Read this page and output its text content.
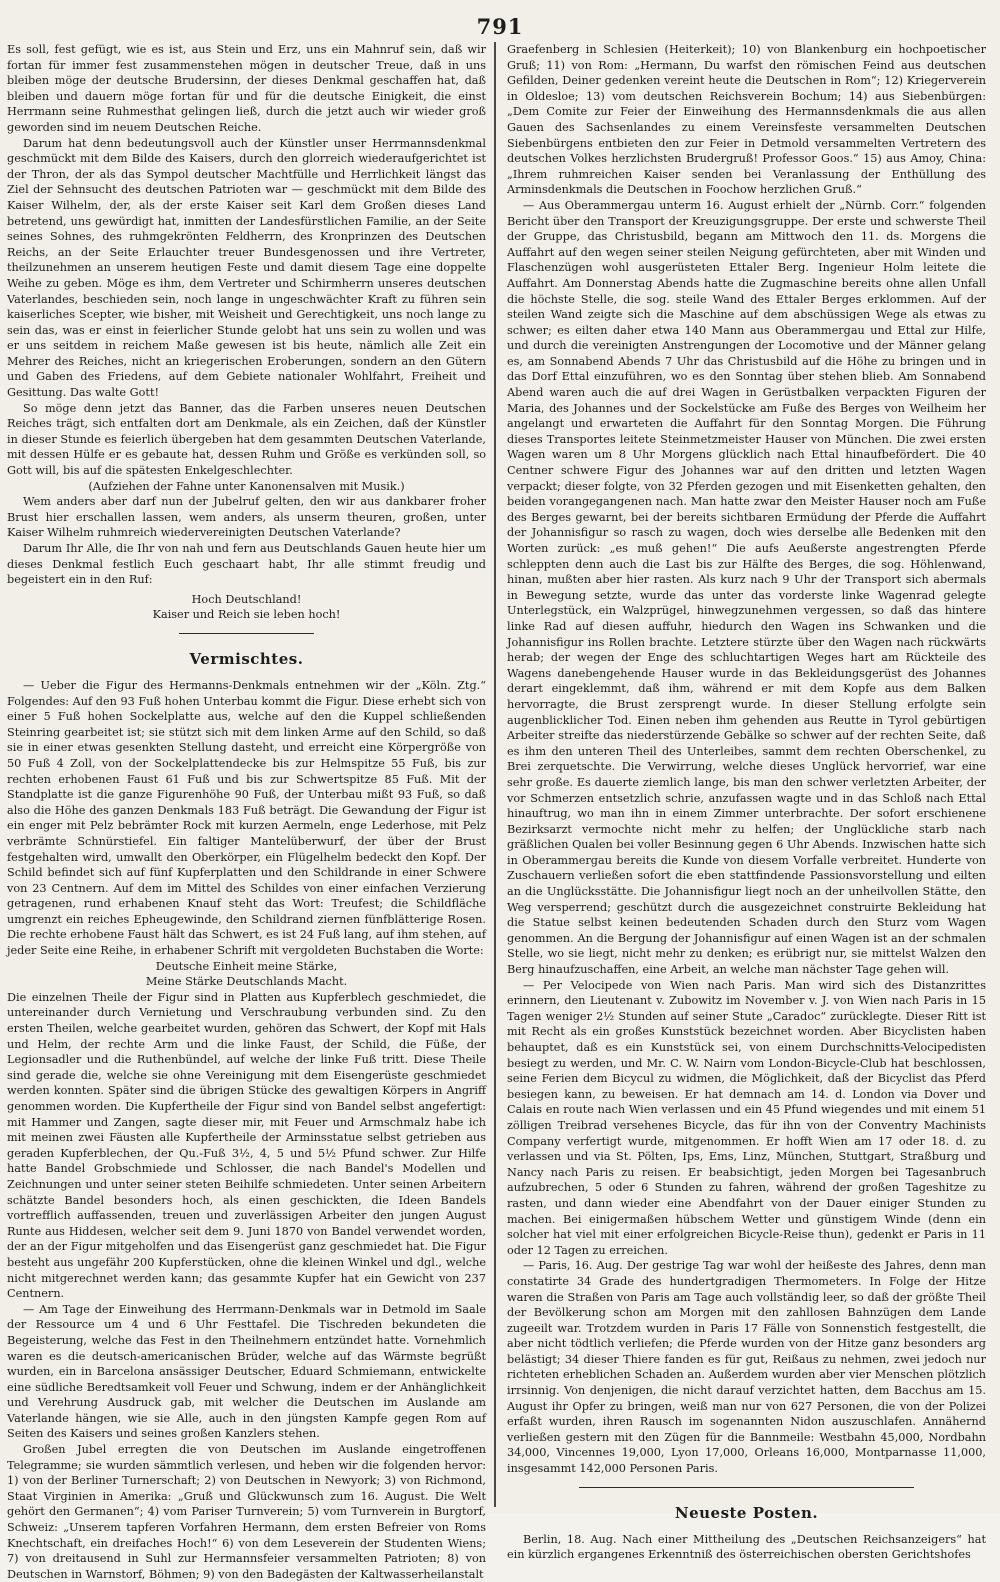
791

Es soll, fest gefügt, wie es ist, aus Stein und Erz, uns ein Mahnruf sein, daß wir fortan für immer fest zusammenstehen mögen in deutscher Treue, daß in uns bleiben möge der deutsche Brudersinn, der dieses Denkmal geschaffen hat, daß bleiben und dauern möge fortan für und für die deutsche Einigkeit, die einst Herrmann seine Ruhmesthat gelingen ließ, durch die jetzt auch wir wieder groß geworden sind im neuem Deutschen Reiche.

Darum hat denn bedeutungsvoll auch der Künstler unser Herrmannsdenkmal geschmückt mit dem Bilde des Kaisers, durch den glorreich wiederaufgerichtet ist der Thron, der als das Sympol deutscher Machtfülle und Herrlichkeit längst das Ziel der Sehnsucht des deutschen Patrioten war — geschmückt mit dem Bilde des Kaiser Wilhelm, der, als der erste Kaiser seit Karl dem Großen dieses Land betretend, uns gewürdigt hat, inmitten der Landesfürstlichen Familie, an der Seite seines Sohnes, des ruhmgekrönten Feldherrn, des Kronprinzen des Deutschen Reichs, an der Seite Erlauchter treuer Bundesgenossen und ihre Vertreter, theilzunehmen an unserem heutigen Feste und damit diesem Tage eine doppelte Weihe zu geben. Möge es ihm, dem Vertreter und Schirmherrn unseres deutschen Vaterlandes, beschieden sein, noch lange in ungeschwächter Kraft zu führen sein kaiserliches Scepter, wie bisher, mit Weisheit und Gerechtigkeit, uns noch lange zu sein das, was er einst in feierlicher Stunde gelobt hat uns sein zu wollen und was er uns seitdem in reichem Maße gewesen ist bis heute, nämlich alle Zeit ein Mehrer des Reiches, nicht an kriegerischen Eroberungen, sondern an den Gütern und Gaben des Friedens, auf dem Gebiete nationaler Wohlfahrt, Freiheit und Gesittung. Das walte Gott!

So möge denn jetzt das Banner, das die Farben unseres neuen Deutschen Reiches trägt, sich entfalten dort am Denkmale, als ein Zeichen, daß der Künstler in dieser Stunde es feierlich übergeben hat dem gesammten Deutschen Vaterlande, mit dessen Hülfe er es gebaute hat, dessen Ruhm und Größe es verkünden soll, so Gott will, bis auf die spätesten Enkelgeschlechter.

(Aufziehen der Fahne unter Kanonensalven mit Musik.)

Wem anders aber darf nun der Jubelruf gelten, den wir aus dankbarer froher Brust hier erschallen lassen, wem anders, als unserm theuren, großen, unter Kaiser Wilhelm ruhmreich wiedervereinigten Deutschen Vaterlande?

Darum Ihr Alle, die Ihr von nah und fern aus Deutschlands Gauen heute hier um dieses Denkmal festlich Euch geschaart habt, Ihr alle stimmt freudig und begeistert ein in den Ruf:

Hoch Deutschland!

Kaiser und Reich sie leben hoch!

Vermischtes.

— Ueber die Figur des Hermanns-Denkmals entnehmen wir der „Köln. Ztg.“ Folgendes: Auf den 93 Fuß hohen Unterbau kommt die Figur. Diese erhebt sich von einer 5 Fuß hohen Sockelplatte aus, welche auf den die Kuppel schließenden Steinring gearbeitet ist; sie stützt sich mit dem linken Arme auf den Schild, so daß sie in einer etwas gesenkten Stellung dasteht, und erreicht eine Körpergröße von 50 Fuß 4 Zoll, von der Sockelplattendecke bis zur Helmspitze 55 Fuß, bis zur rechten erhobenen Faust 61 Fuß und bis zur Schwertspitze 85 Fuß. Mit der Standplatte ist die ganze Figurenhöhe 90 Fuß, der Unterbau mißt 93 Fuß, so daß also die Höhe des ganzen Denkmals 183 Fuß beträgt. Die Gewandung der Figur ist ein enger mit Pelz bebrämter Rock mit kurzen Aermeln, enge Lederhose, mit Pelz verbrämte Schnürstiefel. Ein faltiger Mantelüberwurf, der über der Brust festgehalten wird, umwallt den Oberkörper, ein Flügelhelm bedeckt den Kopf. Der Schild befindet sich auf fünf Kupferplatten und den Schildrande in einer Schwere von 23 Centnern. Auf dem im Mittel des Schildes von einer einfachen Verzierung getragenen, rund erhabenen Knauf steht das Wort: Treufest; die Schildfläche umgrenzt ein reiches Epheugewinde, den Schildrand ziernen fünfblätterige Rosen. Die rechte erhobene Faust hält das Schwert, es ist 24 Fuß lang, auf ihm stehen, auf jeder Seite eine Reihe, in erhabener Schrift mit vergoldeten Buchstaben die Worte:

Deutsche Einheit meine Stärke,

Meine Stärke Deutschlands Macht.

Die einzelnen Theile der Figur sind in Platten aus Kupferblech geschmiedet, die untereinander durch Vernietung und Verschraubung verbunden sind. Zu den ersten Theilen, welche gearbeitet wurden, gehören das Schwert, der Kopf mit Hals und Helm, der rechte Arm und die linke Faust, der Schild, die Füße, der Legionsadler und die Ruthenbündel, auf welche der linke Fuß tritt. Diese Theile sind gerade die, welche sie ohne Vereinigung mit dem Eisengerüste geschmiedet werden konnten. Später sind die übrigen Stücke des gewaltigen Körpers in Angriff genommen worden. Die Kupfertheile der Figur sind von Bandel selbst angefertigt: mit Hammer und Zangen, sagte dieser mir, mit Feuer und Armschmalz habe ich mit meinen zwei Fäusten alle Kupfertheile der Arminsstatue selbst getrieben aus geraden Kupferblechen, der Qu.-Fuß 3½, 4, 5 und 5½ Pfund schwer. Zur Hilfe hatte Bandel Grobschmiede und Schlosser, die nach Bandel's Modellen und Zeichnungen und unter seiner steten Beihilfe schmiedeten. Unter seinen Arbeitern schätzte Bandel besonders hoch, als einen geschickten, die Ideen Bandels vortrefflich auffassenden, treuen und zuverlässigen Arbeiter den jungen August Runte aus Hiddesen, welcher seit dem 9. Juni 1870 von Bandel verwendet worden, der an der Figur mitgeholfen und das Eisengerüst ganz geschmiedet hat. Die Figur besteht aus ungefähr 200 Kupferstücken, ohne die kleinen Winkel und dgl., welche nicht mitgerechnet werden kann; das gesammte Kupfer hat ein Gewicht von 237 Centnern.

— Am Tage der Einweihung des Herrmann-Denkmals war in Detmold im Saale der Ressource um 4 und 6 Uhr Festtafel. Die Tischreden bekundeten die Begeisterung, welche das Fest in den Theilnehmern entzündet hatte. Vornehmlich waren es die deutsch-americanischen Brüder, welche auf das Wärmste begrüßt wurden, ein in Barcelona ansässiger Deutscher, Eduard Schmiemann, entwickelte eine südliche Beredtsamkeit voll Feuer und Schwung, indem er der Anhänglichkeit und Verehrung Ausdruck gab, mit welcher die Deutschen im Auslande am Vaterlande hängen, wie sie Alle, auch in den jüngsten Kampfe gegen Rom auf Seiten des Kaisers und seines großen Kanzlers stehen.

Großen Jubel erregten die von Deutschen im Auslande eingetroffenen Telegramme; sie wurden sämmtlich verlesen, und heben wir die folgenden hervor: 1) von der Berliner Turnerschaft; 2) von Deutschen in Newyork; 3) von Richmond, Staat Virginien in Amerika: „Gruß und Glückwunsch zum 16. August. Die Welt gehört den Germanen“; 4) vom Pariser Turnverein; 5) vom Turnverein in Burgtorf, Schweiz: „Unserem tapferen Vorfahren Hermann, dem ersten Befreier von Roms Knechtschaft, ein dreifaches Hoch!“ 6) von dem Leseverein der Studenten Wiens; 7) von dreitausend in Suhl zur Hermannsfeier versammelten Patrioten; 8) von Deutschen in Warnstorf, Böhmen; 9) von den Badegästen der Kaltwasserheilanstalt

Graefenberg in Schlesien (Heiterkeit); 10) von Blankenburg ein hochpoetischer Gruß; 11) von Rom: „Hermann, Du warfst den römischen Feind aus deutschen Gefilden, Deiner gedenken vereint heute die Deutschen in Rom“; 12) Kriegerverein in Oldesloe; 13) vom deutschen Reichsverein Bochum; 14) aus Siebenbürgen: „Dem Comite zur Feier der Einweihung des Hermannsdenkmals die aus allen Gauen des Sachsenlandes zu einem Vereinsfeste versammelten Deutschen Siebenbürgens entbieten den zur Feier in Detmold versammelten Vertretern des deutschen Volkes herzlichsten Brudergruß! Professor Goos.“ 15) aus Amoy, China: „Ihrem ruhmreichen Kaiser senden bei Veranlassung der Enthüllung des Arminsdenkmals die Deutschen in Foochow herzlichen Gruß.“

— Aus Oberammergau unterm 16. August erhielt der „Nürnb. Corr.“ folgenden Bericht über den Transport der Kreuzigungsgruppe. Der erste und schwerste Theil der Gruppe, das Christusbild, begann am Mittwoch den 11. ds. Morgens die Auffahrt auf den wegen seiner steilen Neigung gefürchteten, aber mit Winden und Flaschenzügen wohl ausgerüsteten Ettaler Berg. Ingenieur Holm leitete die Auffahrt. Am Donnerstag Abends hatte die Zugmaschine bereits ohne allen Unfall die höchste Stelle, die sog. steile Wand des Ettaler Berges erklommen. Auf der steilen Wand zeigte sich die Maschine auf dem abschüssigen Wege als etwas zu schwer; es eilten daher etwa 140 Mann aus Oberammergau und Ettal zur Hilfe, und durch die vereinigten Anstrengungen der Locomotive und der Männer gelang es, am Sonnabend Abends 7 Uhr das Christusbild auf die Höhe zu bringen und in das Dorf Ettal einzuführen, wo es den Sonntag über stehen blieb. Am Sonnabend Abend waren auch die auf drei Wagen in Gerüstbalken verpackten Figuren der Maria, des Johannes und der Sockelstücke am Fuße des Berges von Weilheim her angelangt und erwarteten die Auffahrt für den Sonntag Morgen. Die Führung dieses Transportes leitete Steinmetzmeister Hauser von München. Die zwei ersten Wagen waren um 8 Uhr Morgens glücklich nach Ettal hinaufbefördert. Die 40 Centner schwere Figur des Johannes war auf den dritten und letzten Wagen verpackt; dieser folgte, von 32 Pferden gezogen und mit Eisenketten gehalten, den beiden vorangegangenen nach. Man hatte zwar den Meister Hauser noch am Fuße des Berges gewarnt, bei der bereits sichtbaren Ermüdung der Pferde die Auffahrt der Johannisfigur so rasch zu wagen, doch wies derselbe alle Bedenken mit den Worten zurück: „es muß gehen!“ Die aufs Aeußerste angestrengten Pferde schleppten denn auch die Last bis zur Hälfte des Berges, die sog. Höhlenwand, hinan, mußten aber hier rasten. Als kurz nach 9 Uhr der Transport sich abermals in Bewegung setzte, wurde das unter das vorderste linke Wagenrad gelegte Unterlegstück, ein Walzprügel, hinwegzunehmen vergessen, so daß das hintere linke Rad auf diesen auffuhr, hiedurch den Wagen ins Schwanken und die Johannisfigur ins Rollen brachte. Letztere stürzte über den Wagen nach rückwärts herab; der wegen der Enge des schluchtartigen Weges hart am Rückteile des Wagens danebengehende Hauser wurde in das Bekleidungsgerüst des Johannes derart eingeklemmt, daß ihm, während er mit dem Kopfe aus dem Balken hervorragte, die Brust zersprengt wurde. In dieser Stellung erfolgte sein augenblicklicher Tod. Einen neben ihm gehenden aus Reutte in Tyrol gebürtigen Arbeiter streifte das niederstürzende Gebälke so schwer auf der rechten Seite, daß es ihm den unteren Theil des Unterleibes, sammt dem rechten Oberschenkel, zu Brei zerquetschte. Die Verwirrung, welche dieses Unglück hervorrief, war eine sehr große. Es dauerte ziemlich lange, bis man den schwer verletzten Arbeiter, der vor Schmerzen entsetzlich schrie, anzufassen wagte und in das Schloß nach Ettal hinauftrug, wo man ihn in einem Zimmer unterbrachte. Der sofort erschienene Bezirksarzt vermochte nicht mehr zu helfen; der Unglückliche starb nach gräßlichen Qualen bei voller Besinnung gegen 6 Uhr Abends. Inzwischen hatte sich in Oberammergau bereits die Kunde von diesem Vorfalle verbreitet. Hunderte von Zuschauern verließen sofort die eben stattfindende Passionsvorstellung und eilten an die Unglücksstätte. Die Johannisfigur liegt noch an der unheilvollen Stätte, den Weg versperrend; geschützt durch die ausgezeichnet construirte Bekleidung hat die Statue selbst keinen bedeutenden Schaden durch den Sturz vom Wagen genommen. An die Bergung der Johannisfigur auf einen Wagen ist an der schmalen Stelle, wo sie liegt, nicht mehr zu denken; es erübrigt nur, sie mittelst Walzen den Berg hinaufzuschaffen, eine Arbeit, an welche man nächster Tage gehen will.

— Per Velocipede von Wien nach Paris. Man wird sich des Distanzrittes erinnern, den Lieutenant v. Zubowitz im November v. J. von Wien nach Paris in 15 Tagen weniger 2½ Stunden auf seiner Stute „Caradoc“ zurücklegte. Dieser Ritt ist mit Recht als ein großes Kunststück bezeichnet worden. Aber Bicyclisten haben behauptet, daß es ein Kunststück sei, von einem Durchschnitts-Velocipedisten besiegt zu werden, und Mr. C. W. Nairn vom London-Bicycle-Club hat beschlossen, seine Ferien dem Bicycul zu widmen, die Möglichkeit, daß der Bicyclist das Pferd besiegen kann, zu beweisen. Er hat demnach am 14. d. London via Dover und Calais en route nach Wien verlassen und ein 45 Pfund wiegendes und mit einem 51 zölligen Treibrad versehenes Bicycle, das für ihn von der Conventry Machinists Company verfertigt wurde, mitgenommen. Er hofft Wien am 17 oder 18. d. zu verlassen und via St. Pölten, Ips, Ems, Linz, München, Stuttgart, Straßburg und Nancy nach Paris zu reisen. Er beabsichtigt, jeden Morgen bei Tagesanbruch aufzubrechen, 5 oder 6 Stunden zu fahren, während der großen Tageshitze zu rasten, und dann wieder eine Abendfahrt von der Dauer einiger Stunden zu machen. Bei einigermaßen hübschem Wetter und günstigem Winde (denn ein solcher hat viel mit einer erfolgreichen Bicycle-Reise thun), gedenkt er Paris in 11 oder 12 Tagen zu erreichen.

— Paris, 16. Aug. Der gestrige Tag war wohl der heißeste des Jahres, denn man constatirte 34 Grade des hundertgradigen Thermometers. In Folge der Hitze waren die Straßen von Paris am Tage auch vollständig leer, so daß der größte Theil der Bevölkerung schon am Morgen mit den zahllosen Bahnzügen dem Lande zugeeilt war. Trotzdem wurden in Paris 17 Fälle von Sonnenstich festgestellt, die aber nicht tödtlich verliefen; die Pferde wurden von der Hitze ganz besonders arg belästigt; 34 dieser Thiere fanden es für gut, Reißaus zu nehmen, zwei jedoch nur richteten erheblichen Schaden an. Außerdem wurden aber vier Menschen plötzlich irrsinnig. Von denjenigen, die nicht darauf verzichtet hatten, dem Bacchus am 15. August ihr Opfer zu bringen, weiß man nur von 627 Personen, die von der Polizei erfaßt wurden, ihren Rausch im sogenannten Nidon auszuschlafen. Annähernd verließen gestern mit den Zügen für die Bannmeile: Westbahn 45,000, Nordbahn 34,000, Vincennes 19,000, Lyon 17,000, Orleans 16,000, Montparnasse 11,000, insgesammt 142,000 Personen Paris.

Neueste Posten.

Berlin, 18. Aug. Nach einer Mittheilung des „Deutschen Reichsanzeigers“ hat ein kürzlich ergangenes Erkenntniß des österreichischen obersten Gerichtshofes
